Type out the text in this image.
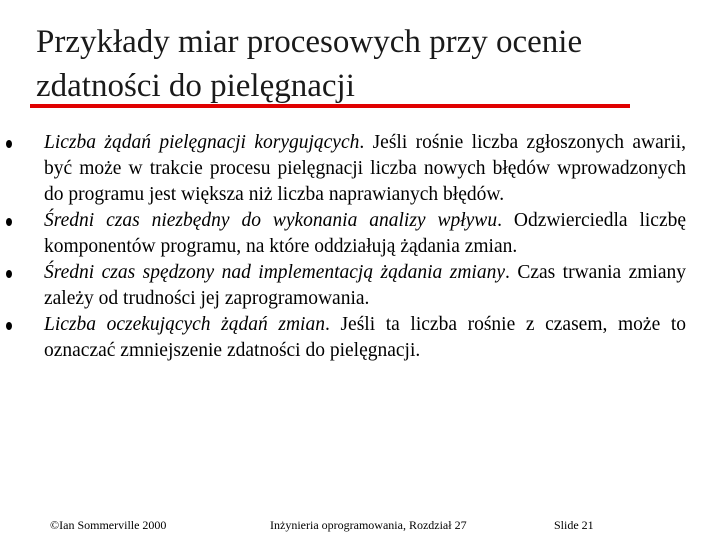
Przykłady miar procesowych przy ocenie
zdatności do pielęgnacji

Liczba żądań pielęgnacji korygujących. Jeśli rośnie liczba zgłoszonych awarii, być może w trakcie procesu pielęgnacji liczba nowych błędów wprowadzonych do programu jest większa niż liczba naprawianych błędów.

Średni czas niezbędny do wykonania analizy wpływu. Odzwierciedla liczbę komponentów programu, na które oddziałują żądania zmian.

Średni czas spędzony nad implementacją żądania zmiany. Czas trwania zmiany zależy od trudności jej zaprogramowania.

Liczba oczekujących żądań zmian. Jeśli ta liczba rośnie z czasem, może to oznaczać zmniejszenie zdatności do pielęgnacji.

©Ian Sommerville 2000	Inżynieria oprogramowania, Rozdział 27	Slide 21
